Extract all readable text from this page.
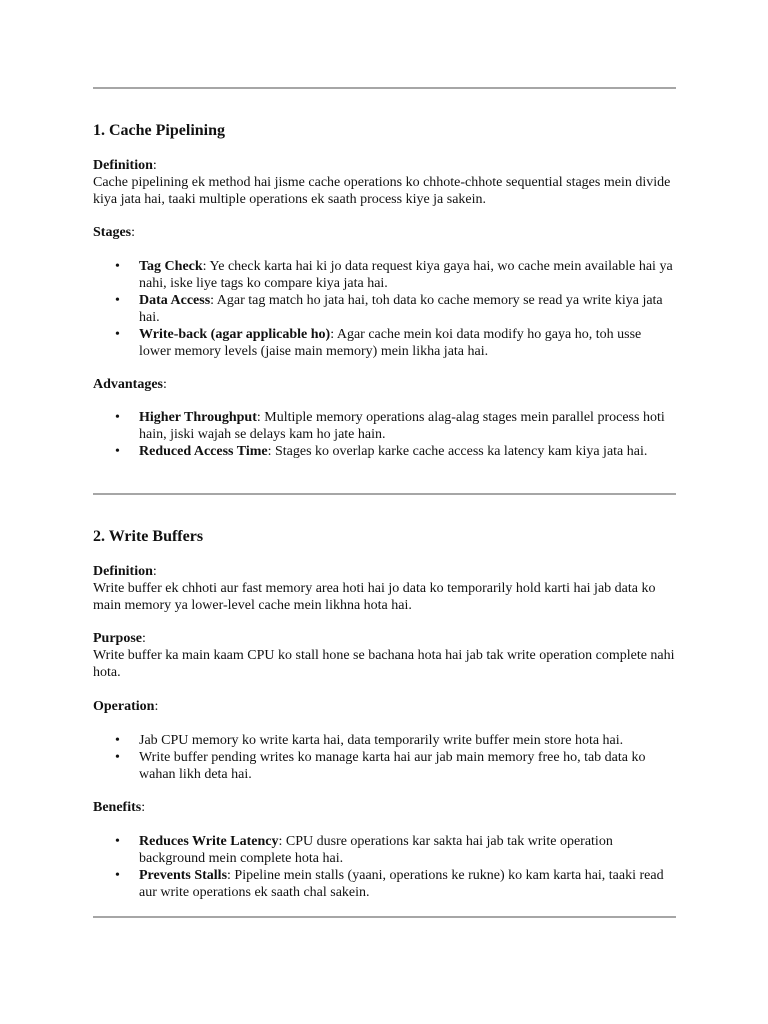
1. Cache Pipelining

Definition:

Cache pipelining ek method hai jisme cache operations ko chhote-chhote sequential stages mein divide kiya jata hai, taaki multiple operations ek saath process kiye ja sakein.

Stages:

• Tag Check: Ye check karta hai ki jo data request kiya gaya hai, wo cache mein available hai ya nahi, iske liye tags ko compare kiya jata hai.
• Data Access: Agar tag match ho jata hai, toh data ko cache memory se read ya write kiya jata hai.
• Write-back (agar applicable ho): Agar cache mein koi data modify ho gaya ho, toh usse lower memory levels (jaise main memory) mein likha jata hai.

Advantages:

• Higher Throughput: Multiple memory operations alag-alag stages mein parallel process hoti hain, jiski wajah se delays kam ho jate hain.
• Reduced Access Time: Stages ko overlap karke cache access ka latency kam kiya jata hai.
2. Write Buffers

Definition:

Write buffer ek chhoti aur fast memory area hoti hai jo data ko temporarily hold karti hai jab data ko main memory ya lower-level cache mein likhna hota hai.

Purpose:

Write buffer ka main kaam CPU ko stall hone se bachana hota hai jab tak write operation complete nahi hota.

Operation:

• Jab CPU memory ko write karta hai, data temporarily write buffer mein store hota hai.
• Write buffer pending writes ko manage karta hai aur jab main memory free ho, tab data ko wahan likh deta hai.

Benefits:

• Reduces Write Latency: CPU dusre operations kar sakta hai jab tak write operation background mein complete hota hai.
• Prevents Stalls: Pipeline mein stalls (yaani, operations ke rukne) ko kam karta hai, taaki read aur write operations ek saath chal sakein.
